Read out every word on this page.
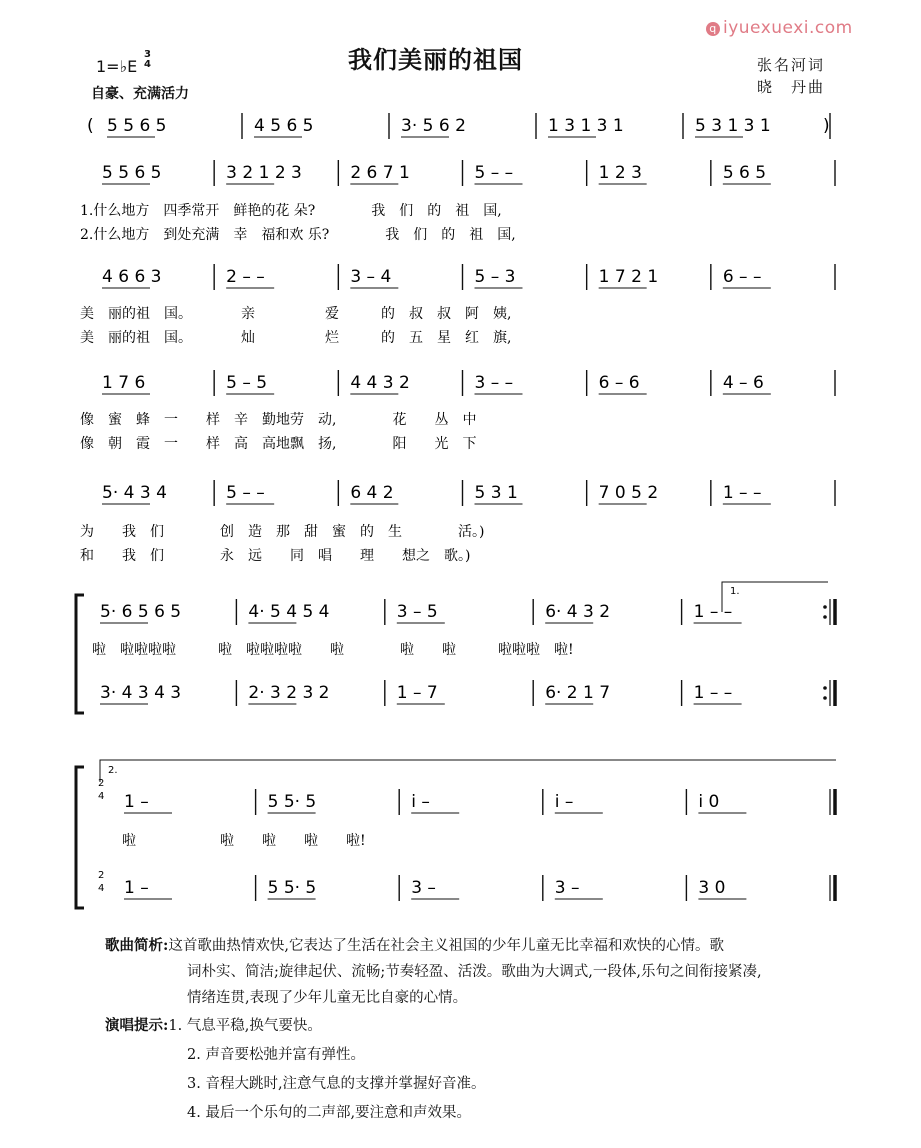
q iyuexuexi.com
我们美丽的祖国
1=♭E
3
4
自豪、充满活力
张名河词
晓　丹曲
( 5 5 6 5	4 5 6 5	3· 5 6 2	1 3 1 3 1	5 3 1 3 1	)
5 5 6 5	3 2 1 2 3	2 6 7 1	5 – –	1 2 3	5 6 5
1.什么地方　四季常开　鲜艳的花 朵?　　　　我　们　的　祖　国,
2.什么地方　到处充满　幸　福和欢 乐?　　　　我　们　的　祖　国,
4 6 6 3	2 – –	3 – 4	5 – 3	1 7 2 1	6 – –
美　丽的祖　国。　　　　亲　　　　　爱　　　的　叔　叔　阿　姨,
美　丽的祖　国。　　　　灿　　　　　烂　　　的　五　星　红　旗,
1 7 6	5 – 5	4 4 3 2	3 – –	6 – 6	4 – 6
像　蜜　蜂　一　　样　辛　勤地劳　动,　　　　花　　丛　中
像　朝　霞　一　　样　高　高地飘　扬,　　　　阳　　光　下
5· 4 3 4	5 – –	6 4 2	5 3 1	7 0 5 2	1 – –
为　　我　们　　　　创　造　那　甜　蜜　的　生　　　　活。)
和　　我　们　　　　永　远　　同　唱　　理　　想之　歌。)
1.
5· 6 5 6 5	4· 5 4 5 4	3 – 5	6· 4 3 2	1 – –
啦　啦啦啦啦　　　啦　啦啦啦啦　　啦　　　　啦　　啦　　　啦啦啦　啦!
3· 4 3 4 3	2· 3 2 3 2	1 – 7	6· 2 1 7	1 – –
2.
2
4
2
4
1 –	5 5· 5	i –	i –	i 0
啦　　　　　　啦　　啦　　啦　　啦!
1 –	5 5· 5	3 –	3 –	3 0
歌曲简析:这首歌曲热情欢快,它表达了生活在社会主义祖国的少年儿童无比幸福和欢快的心情。歌
词朴实、简洁;旋律起伏、流畅;节奏轻盈、活泼。歌曲为大调式,一段体,乐句之间衔接紧凑,
情绪连贯,表现了少年儿童无比自豪的心情。
演唱提示:1. 气息平稳,换气要快。
2. 声音要松弛并富有弹性。
3. 音程大跳时,注意气息的支撑并掌握好音准。
4. 最后一个乐句的二声部,要注意和声效果。
